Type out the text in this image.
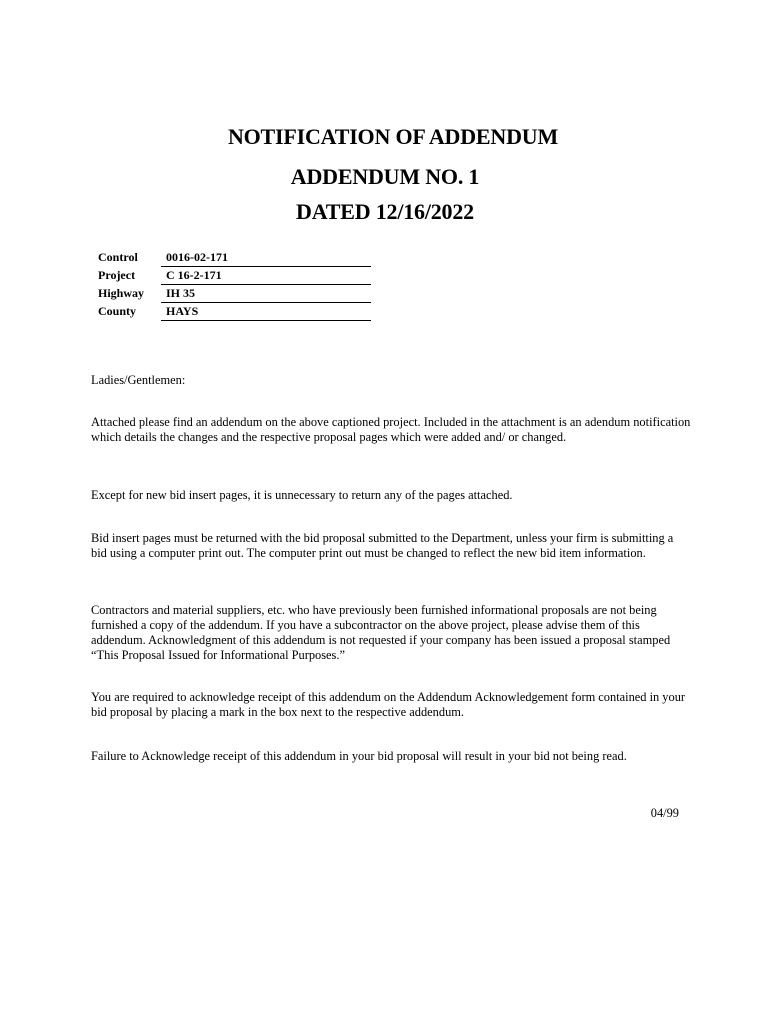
NOTIFICATION OF ADDENDUM
ADDENDUM NO. 1
DATED 12/16/2022
Control 0016-02-171
Project	C 16-2-171
Highway IH 35
County HAYS

Ladies/Gentlemen:

Attached please find an addendum on the above captioned project. Included in the attachment is an adendum notification which details the changes and the respective proposal pages which were added and/ or changed.

Except for new bid insert pages, it is unnecessary to return any of the pages attached.

Bid insert pages must be returned with the bid proposal submitted to the Department, unless your firm is submitting a bid using a computer print out. The computer print out must be changed to reflect the new bid item information.

Contractors and material suppliers, etc. who have previously been furnished informational proposals are not being furnished a copy of the addendum. If you have a subcontractor on the above project, please advise them of this addendum. Acknowledgment of this addendum is not requested if your company has been issued a proposal stamped “This Proposal Issued for Informational Purposes.”

You are required to acknowledge receipt of this addendum on the Addendum Acknowledgement form contained in your bid proposal by placing a mark in the box next to the respective addendum.

Failure to Acknowledge receipt of this addendum in your bid proposal will result in your bid not being read.

04/99
